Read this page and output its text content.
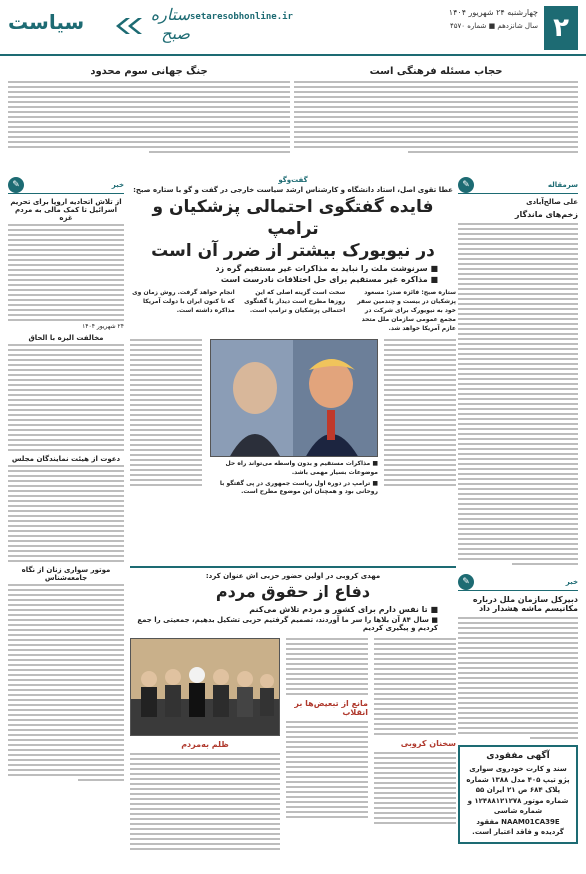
۲
چهارشنبه ۲۴ شهریور ۱۴۰۴
سال شانزدهم ■ شماره ۴۵۷۰
setaresobhonline.ir
ستاره صبح
سیاست
حجاب مسئله فرهنگی است
جنگ جهانی سوم محدود
سرمقاله
✎
علی صالح‌آبادی
زخم‌های ماندگار
خبر
✎
دبیرکل سازمان ملل درباره مکانیسم ماشه هشدار داد
آگهی مفقودی
سند و کارت خودروی سواری پژو تیپ ۴۰۵ مدل ۱۳۸۸ شماره پلاک ۶۸۴ ص ۲۱ ایران ۵۵ شماره موتور ۱۲۴۸۸۱۲۱۲۷۸ و شماره شاسی NAAM01CA39E مفقود گردیده و فاقد اعتبار است.
خبر
✎
از تلاش اتحادیه اروپا برای تحریم اسرائیل تا کمک مالی به مردم غزه
۲۴ شهریور ۱۴۰۴
مخالفت الیزه با الحاق
دعوت از هیئت نمایندگان مجلس
موتور سواری زنان از نگاه جامعه‌شناس
گفت‌وگو
عطا تقوی اصل، استاد دانشگاه و کارشناس ارشد سیاست خارجی در گفت و گو با ستاره صبح:
فایده گفتگوی احتمالی پزشکیان و ترامپ
در نیویورک بیشتر از ضرر آن است
■ سرنوشت ملت را نباید به مذاکرات غیر مستقیم گره زد
■ مذاکره غیر مستقیم برای حل اختلافات نادرست است
ستاره صبح: فائزه صدر: مسعود پزشکیان در بیست و چندمین سفر خود به نیویورک برای شرکت در مجمع عمومی سازمان ملل متحد عازم آمریکا خواهد شد.
سخت است گزینه اصلی که این روزها مطرح است دیدار یا گفتگوی احتمالی پزشکیان و ترامپ است.
انجام خواهد گرفت. روش زمان وی که تا کنون ایران با دولت آمریکا مذاکره داشته است.
■ مذاکرات مستقیم و بدون واسطه می‌تواند راه حل موضوعات بسیار مهمی باشد.
■ ترامپ در دوره اول ریاست جمهوری در پی گفتگو با روحانی بود و همچنان این موضوع مطرح است.
مهدی کروبی در اولین حضور حزبی اش عنوان کرد:
دفاع از حقوق مردم
■ تا نفس دارم برای کشور و مردم تلاش می‌کنم
■ سال ۸۴ آن بلاها را سر ما آوردند، تصمیم گرفتیم حزبی تشکیل بدهیم، جمعیتی را جمع کردیم و پیگیری کردیم
سخنان کروبی
مانع از تبعیض‌ها بر انقلاب
ظلم به‌مردم
